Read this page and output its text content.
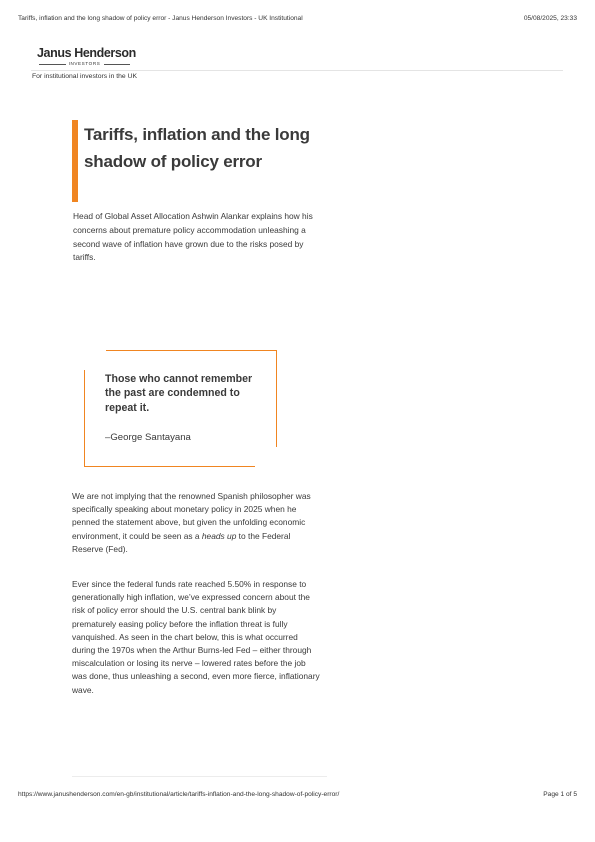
Tariffs, inflation and the long shadow of policy error - Janus Henderson Investors - UK Institutional	05/08/2025, 23:33
Janus Henderson
INVESTORS
For institutional investors in the UK
Tariffs, inflation and the long shadow of policy error

Head of Global Asset Allocation Ashwin Alankar explains how his concerns about premature policy accommodation unleashing a second wave of inflation have grown due to the risks posed by tariffs.

Those who cannot remember the past are condemned to repeat it.
–George Santayana

We are not implying that the renowned Spanish philosopher was specifically speaking about monetary policy in 2025 when he penned the statement above, but given the unfolding economic environment, it could be seen as a heads up to the Federal Reserve (Fed).

Ever since the federal funds rate reached 5.50% in response to generationally high inflation, we’ve expressed concern about the risk of policy error should the U.S. central bank blink by prematurely easing policy before the inflation threat is fully vanquished. As seen in the chart below, this is what occurred during the 1970s when the Arthur Burns-led Fed – either through miscalculation or losing its nerve – lowered rates before the job was done, thus unleashing a second, even more fierce, inflationary wave.

https://www.janushenderson.com/en-gb/institutional/article/tariffs-inflation-and-the-long-shadow-of-policy-error/	Page 1 of 5
